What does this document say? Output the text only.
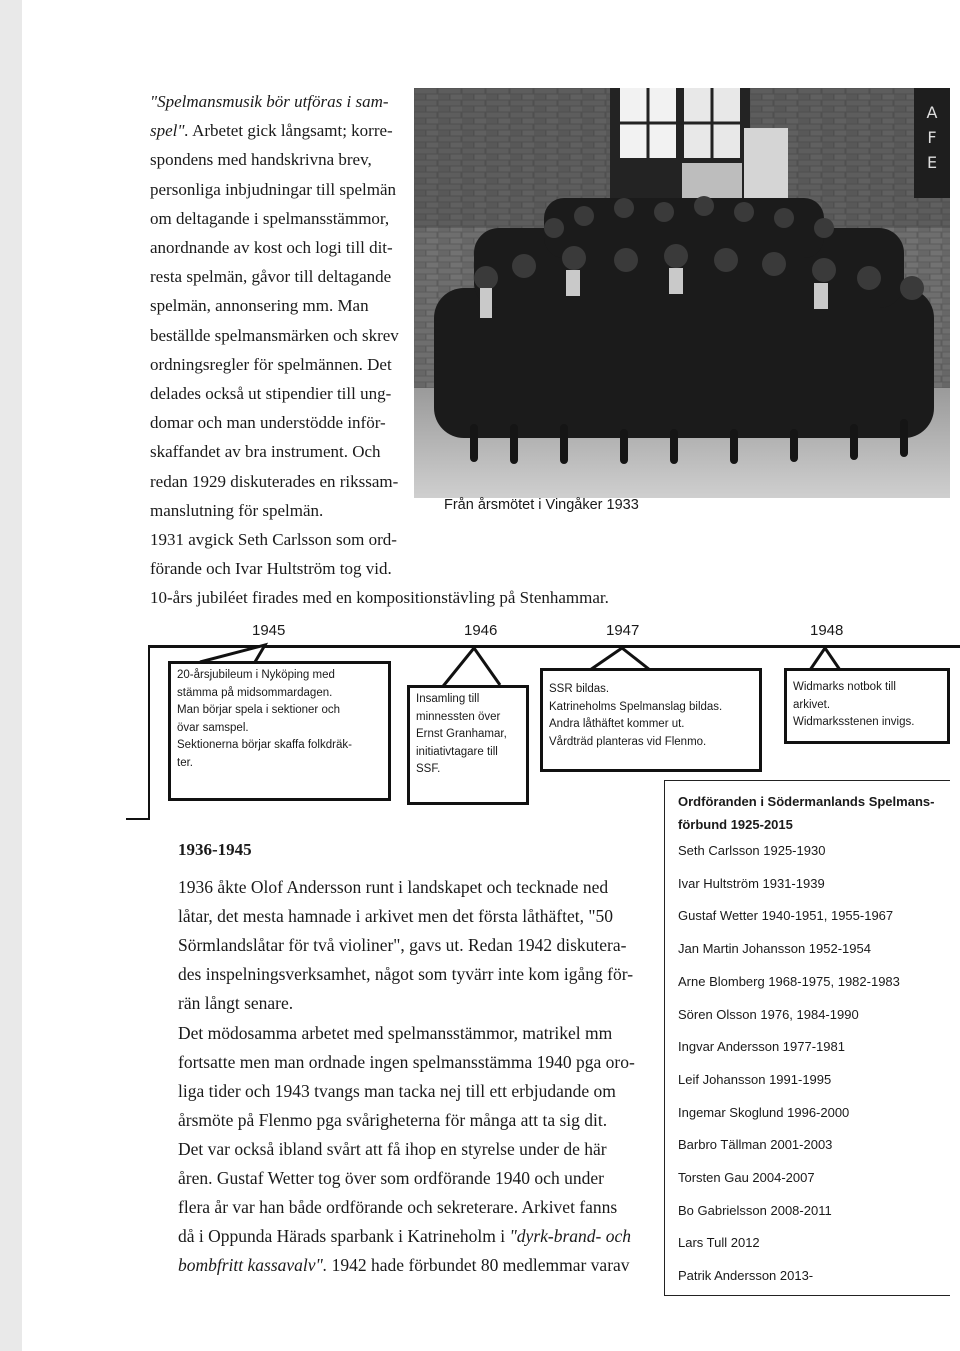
"Spelmansmusik bör utföras i sam-
spel". Arbetet gick långsamt; korre-
spondens med handskrivna brev,
personliga inbjudningar till spelmän
om deltagande i spelmansstämmor,
anordnande av kost och logi till dit-
resta spelmän, gåvor till deltagande
spelmän, annonsering mm. Man
beställde spelmansmärken och skrev
ordningsregler för spelmännen. Det
delades också ut stipendier till ung-
domar och man understödde inför-
skaffandet av bra instrument. Och
redan 1929 diskuterades en rikssam-
manslutning för spelmän.
1931 avgick Seth Carlsson som ord-
förande och Ivar Hultström tog vid.
10-års jubiléet firades med en kompositionstävling på Stenhammar.
A
F
E
Från årsmötet i Vingåker 1933
1945	1946	1947	1948
20-årsjubileum i Nyköping med
stämma på midsommardagen.
Man börjar spela i sektioner och
övar samspel.
Sektionerna börjar skaffa folkdräk-
ter.
Insamling till
minnessten över
Ernst Granhamar,
initiativtagare till
SSF.
SSR bildas.
Katrineholms Spelmanslag bildas.
Andra låthäftet kommer ut.
Vårdträd planteras vid Flenmo.
Widmarks notbok till
arkivet.
Widmarksstenen invigs.
1936-1945
1936 åkte Olof Andersson runt i landskapet och tecknade ned
låtar, det mesta hamnade i arkivet men det första låthäftet, "50
Sörmlandslåtar för två violiner", gavs ut. Redan 1942 diskutera-
des inspelningsverksamhet, något som tyvärr inte kom igång för-
rän långt senare.
Det mödosamma arbetet med spelmansstämmor, matrikel mm
fortsatte men man ordnade ingen spelmansstämma 1940 pga oro-
liga tider och 1943 tvangs man tacka nej till ett erbjudande om
årsmöte på Flenmo pga svårigheterna för många att ta sig dit.
Det var också ibland svårt att få ihop en styrelse under de här
åren. Gustaf Wetter tog över som ordförande 1940 och under
flera år var han både ordförande och sekreterare. Arkivet fanns
då i Oppunda Härads sparbank i Katrineholm i "dyrk-brand- och
bombfritt kassavalv". 1942 hade förbundet 80 medlemmar varav
Ordföranden i Södermanlands Spelmans-
förbund 1925-2015
Seth Carlsson 1925-1930
Ivar Hultström 1931-1939
Gustaf Wetter 1940-1951, 1955-1967
Jan Martin Johansson 1952-1954
Arne Blomberg 1968-1975, 1982-1983
Sören Olsson 1976, 1984-1990
Ingvar Andersson 1977-1981
Leif Johansson 1991-1995
Ingemar Skoglund 1996-2000
Barbro Tällman 2001-2003
Torsten Gau 2004-2007
Bo Gabrielsson 2008-2011
Lars Tull 2012
Patrik Andersson 2013-
